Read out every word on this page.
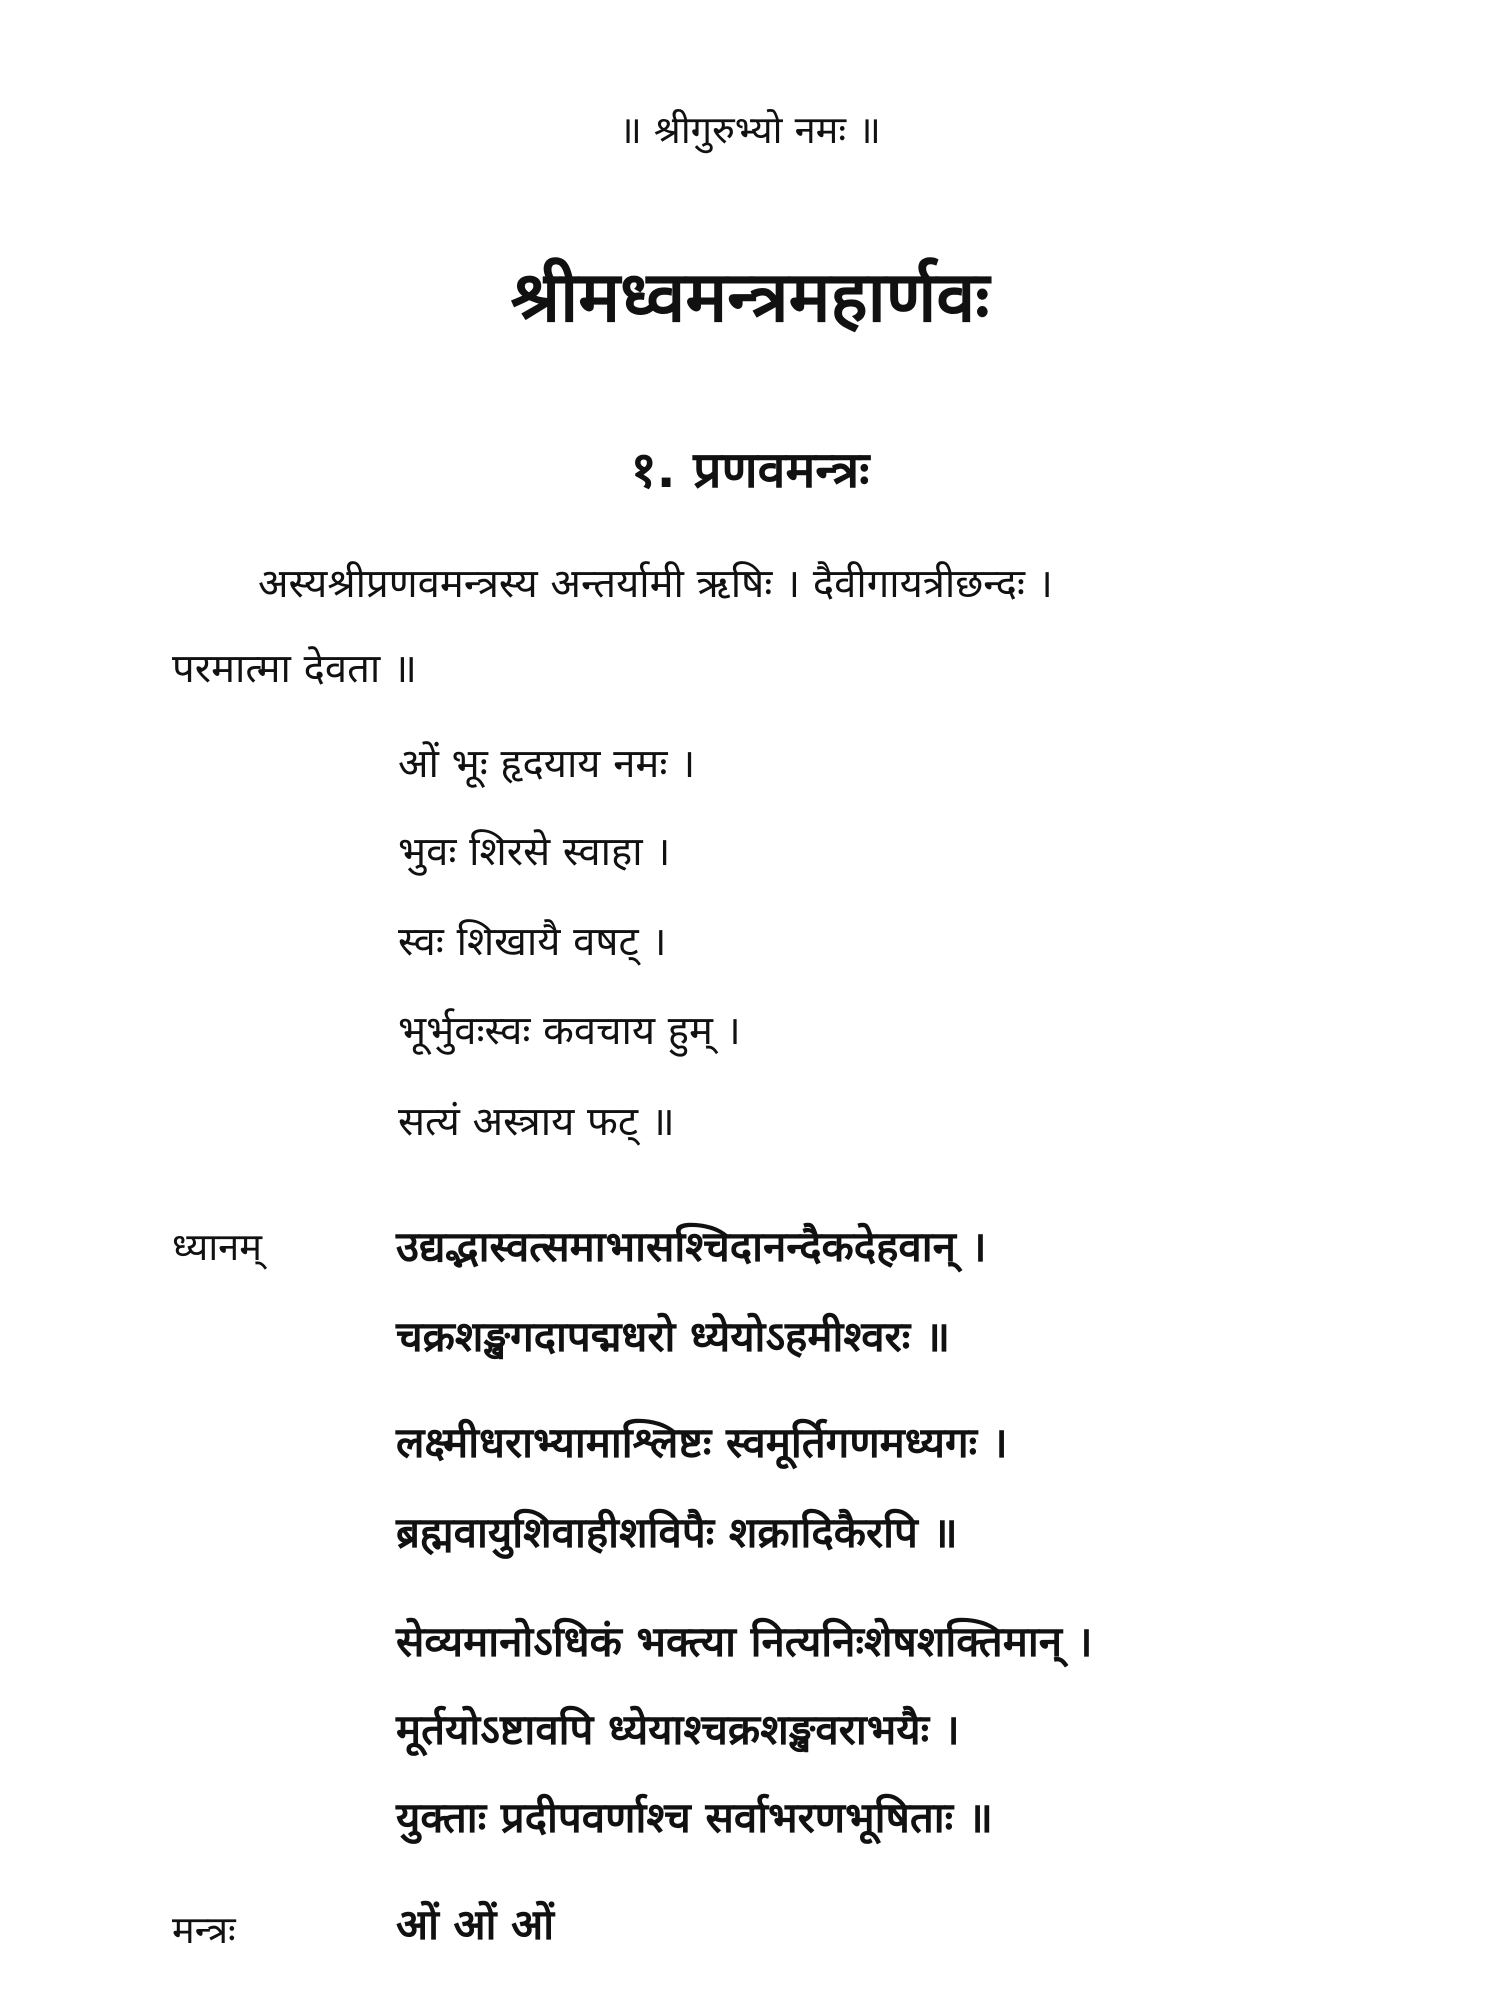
॥ श्रीगुरुभ्यो नमः ॥
श्रीमध्वमन्त्रमहार्णवः
१. प्रणवमन्त्रः
अस्यश्रीप्रणवमन्त्रस्य अन्तर्यामी ऋषिः । दैवीगायत्रीछन्दः ।
परमात्मा देवता ॥
ओं भूः हृदयाय नमः ।
भुवः शिरसे स्वाहा ।
स्वः शिखायै वषट् ।
भूर्भुवःस्वः कवचाय हुम् ।
सत्यं अस्त्राय फट् ॥
ध्यानम्	उद्यद्भास्वत्समाभासश्चिदानन्दैकदेहवान् ।
चक्रशङ्खगदापद्मधरो ध्येयोऽहमीश्वरः ॥
लक्ष्मीधराभ्यामाश्लिष्टः स्वमूर्तिगणमध्यगः ।
ब्रह्मवायुशिवाहीशविपैः शक्रादिकैरपि ॥
सेव्यमानोऽधिकं भक्त्या नित्यनिःशेषशक्तिमान् ।
मूर्तयोऽष्टावपि ध्येयाश्चक्रशङ्खवराभयैः ।
युक्ताः प्रदीपवर्णाश्च सर्वाभरणभूषिताः ॥
मन्त्रः	ओं ओं ओं
